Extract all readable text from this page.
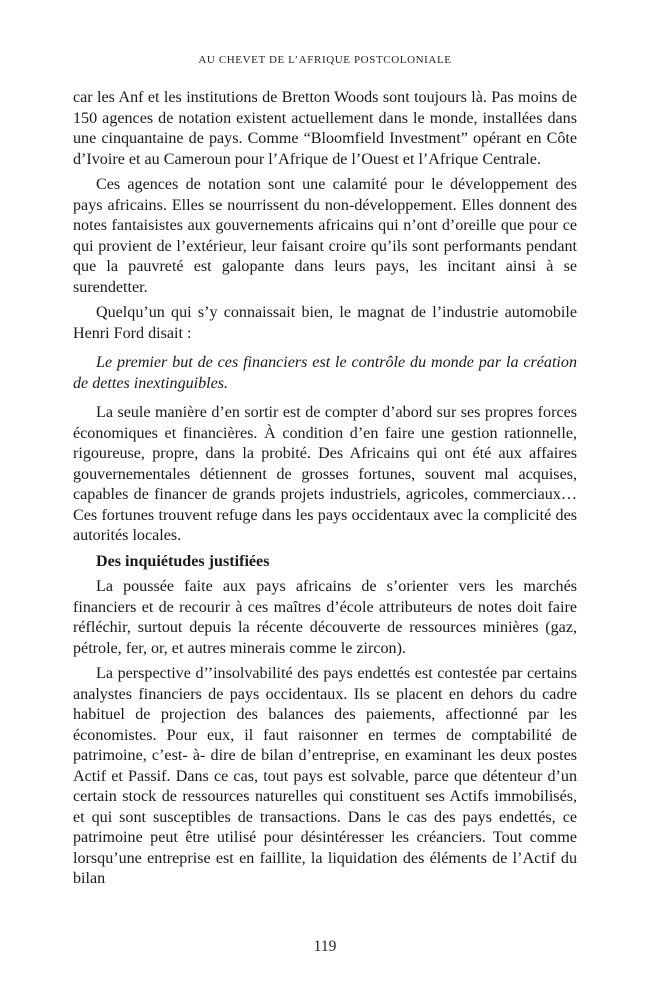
AU CHEVET DE L’AFRIQUE POSTCOLONIALE

car les Anf et les institutions de Bretton Woods sont toujours là. Pas moins de 150 agences de notation existent actuellement dans le monde, installées dans une cinquantaine de pays. Comme “Bloomfield Investment” opérant en Côte d’Ivoire et au Cameroun pour l’Afrique de l’Ouest et l’Afrique Centrale.

Ces agences de notation sont une calamité pour le développement des pays africains. Elles se nourrissent du non-développement. Elles donnent des notes fantaisistes aux gouvernements africains qui n’ont d’oreille que pour ce qui provient de l’extérieur, leur faisant croire qu’ils sont performants pendant que la pauvreté est galopante dans leurs pays, les incitant ainsi à se surendetter.

Quelqu’un qui s’y connaissait bien, le magnat de l’industrie automobile Henri Ford disait :

Le premier but de ces financiers est le contrôle du monde par la création de dettes inextinguibles.

La seule manière d’en sortir est de compter d’abord sur ses propres forces économiques et financières. À condition d’en faire une gestion rationnelle, rigoureuse, propre, dans la probité. Des Africains qui ont été aux affaires gouvernementales détiennent de grosses fortunes, souvent mal acquises, capables de financer de grands projets industriels, agricoles, commerciaux… Ces fortunes trouvent refuge dans les pays occidentaux avec la complicité des autorités locales.

Des inquiétudes justifiées

La poussée faite aux pays africains de s’orienter vers les marchés financiers et de recourir à ces maîtres d’école attributeurs de notes doit faire réfléchir, surtout depuis la récente découverte de ressources minières (gaz, pétrole, fer, or, et autres minerais comme le zircon).

La perspective d’’insolvabilité des pays endettés est contestée par certains analystes financiers de pays occidentaux. Ils se placent en dehors du cadre habituel de projection des balances des paiements, affectionné par les économistes. Pour eux, il faut raisonner en termes de comptabilité de patrimoine, c’est- à- dire de bilan d’entreprise, en examinant les deux postes Actif et Passif. Dans ce cas, tout pays est solvable, parce que détenteur d’un certain stock de ressources naturelles qui constituent ses Actifs immobilisés, et qui sont susceptibles de transactions. Dans le cas des pays endettés, ce patrimoine peut être utilisé pour désintéresser les créanciers. Tout comme lorsqu’une entreprise est en faillite, la liquidation des éléments de l’Actif du bilan

119
